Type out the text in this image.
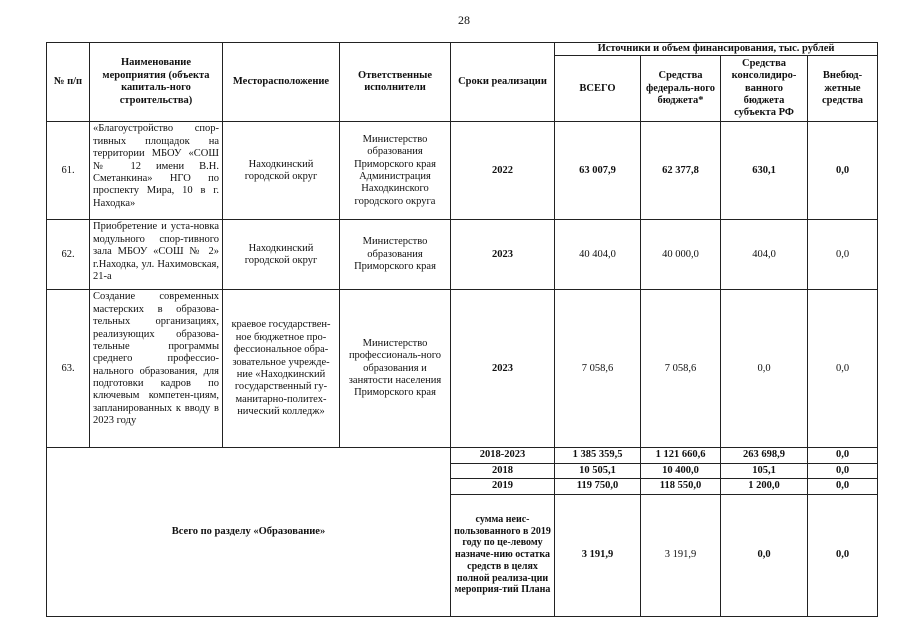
28
№ п/п	Наименование мероприятия (объекта капиталь-ного строительства)	Месторасположение	Ответственные исполнители	Сроки реализации	Источники и объем финансирования, тыс. рублей			
					ВСЕГО	Средства федераль-ного бюджета*	Средства консолидиро-ванного бюджета субъекта РФ	Внебюд-жетные средства
61.	«Благоустройство спор-тивных площадок на территории МБОУ «СОШ № 12 имени В.Н. Сметанкина» НГО по проспекту Мира, 10 в г. Находка»	Находкинский городской округ	Министерство образования Приморского края Администрация Находкинского городского округа	2022	63 007,9	62 377,8	630,1	0,0
62.	Приобретение и уста-новка модульного спор-тивного зала МБОУ «СОШ № 2» г.Находка, ул. Нахимовская, 21-а	Находкинский городской округ	Министерство образования Приморского края	2023	40 404,0	40 000,0	404,0	0,0
63.	Создание современных мастерских в образова-тельных организациях, реализующих образова-тельные программы среднего профессио-нального образования, для подготовки кадров по ключевым компетен-циям, запланированных к вводу в 2023 году	краевое государствен-ное бюджетное про-фессиональное обра-зовательное учрежде-ние «Находкинский государственный гу-манитарно-политех-нический колледж»	Министерство профессиональ-ного образования и занятости населения Приморского края	2023	7 058,6	7 058,6	0,0	0,0
Всего по разделу «Образование»				2018-2023	1 385 359,5	1 121 660,6	263 698,9	0,0
				2018	10 505,1	10 400,0	105,1	0,0
				2019	119 750,0	118 550,0	1 200,0	0,0
				сумма неис-пользованного в 2019 году по це-левому назначе-нию остатка средств в целях полной реализа-ции мероприя-тий Плана	3 191,9	3 191,9	0,0	0,0
